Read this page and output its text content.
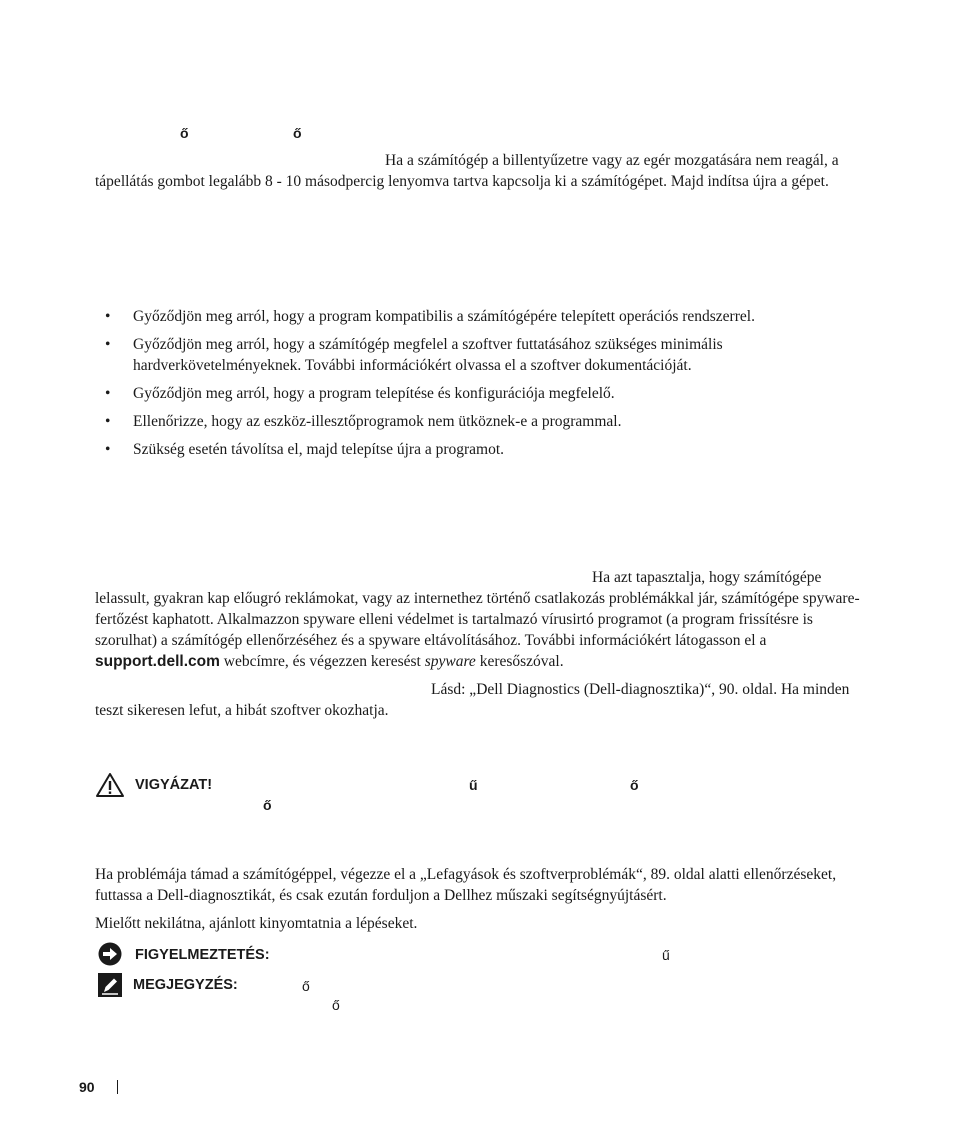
ő	ő
Ha a számítógép a billentyűzetre vagy az egér mozgatására nem reagál, a tápellátás gombot legalább 8 - 10 másodpercig lenyomva tartva kapcsolja ki a számítógépet. Majd indítsa újra a gépet.
• Győződjön meg arról, hogy a program kompatibilis a számítógépére telepített operációs rendszerrel.
• Győződjön meg arról, hogy a számítógép megfelel a szoftver futtatásához szükséges minimális hardverkövetelményeknek. További információkért olvassa el a szoftver dokumentációját.
• Győződjön meg arról, hogy a program telepítése és konfigurációja megfelelő.
• Ellenőrizze, hogy az eszköz-illesztőprogramok nem ütköznek-e a programmal.
• Szükség esetén távolítsa el, majd telepítse újra a programot.
Ha azt tapasztalja, hogy számítógépe lelassult, gyakran kap előugró reklámokat, vagy az internethez történő csatlakozás problémákkal jár, számítógépe spyware-fertőzést kaphatott. Alkalmazzon spyware elleni védelmet is tartalmazó vírusirtó programot (a program frissítésre is szorulhat) a számítógép ellenőrzéséhez és a spyware eltávolításához. További információkért látogasson el a support.dell.com webcímre, és végezzen keresést spyware keresőszóval.
Lásd: „Dell Diagnostics (Dell-diagnosztika)“, 90. oldal. Ha minden teszt sikeresen lefut, a hibát szoftver okozhatja.
VIGYÁZAT!	ű	ő
ő
Ha problémája támad a számítógéppel, végezze el a „Lefagyások és szoftverproblémák“, 89. oldal alatti ellenőrzéseket, futtassa a Dell-diagnosztikát, és csak ezután forduljon a Dellhez műszaki segítségnyújtásért.
Mielőtt nekilátna, ajánlott kinyomtatnia a lépéseket.
FIGYELMEZTETÉS:	ű
MEGJEGYZÉS:	ő
ő
90
